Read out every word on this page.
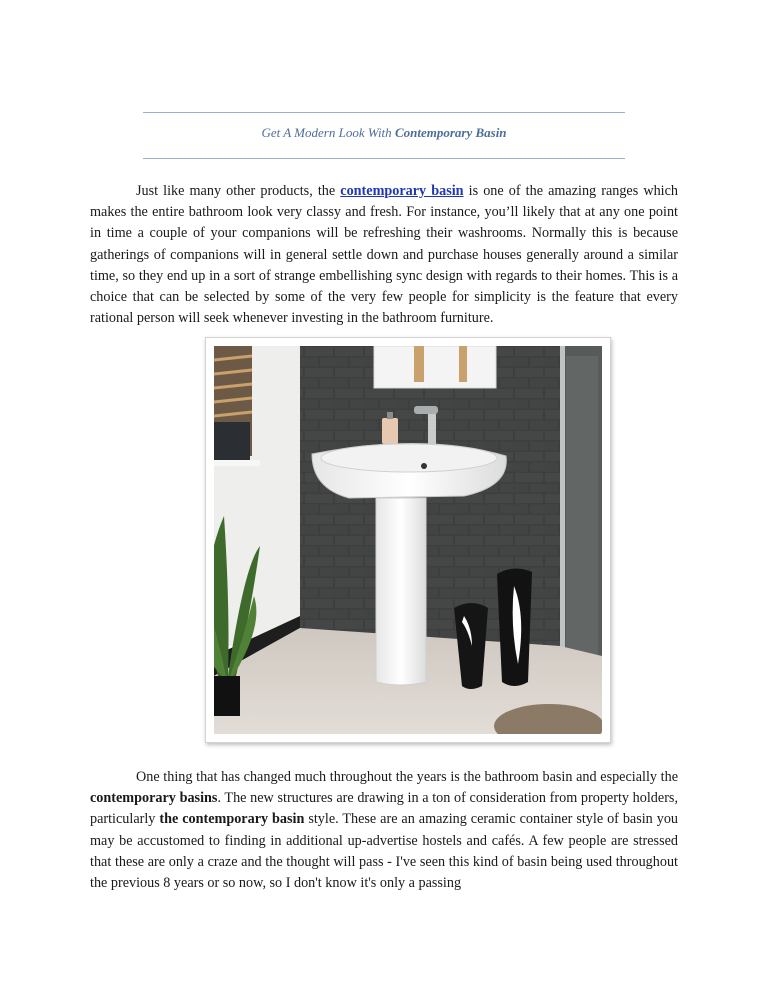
Get A Modern Look With Contemporary Basin

Just like many other products, the contemporary basin is one of the amazing ranges which makes the entire bathroom look very classy and fresh. For instance, you’ll likely that at any one point in time a couple of your companions will be refreshing their washrooms. Normally this is because gatherings of companions will in general settle down and purchase houses generally around a similar time, so they end up in a sort of strange embellishing sync design with regards to their homes. This is a choice that can be selected by some of the very few people for simplicity is the feature that every rational person will seek whenever investing in the bathroom furniture.

One thing that has changed much throughout the years is the bathroom basin and especially the contemporary basins. The new structures are drawing in a ton of consideration from property holders, particularly the contemporary basin style. These are an amazing ceramic container style of basin you may be accustomed to finding in additional up-advertise hostels and cafés. A few people are stressed that these are only a craze and the thought will pass - I've seen this kind of basin being used throughout the previous 8 years or so now, so I don't know it's only a passing
